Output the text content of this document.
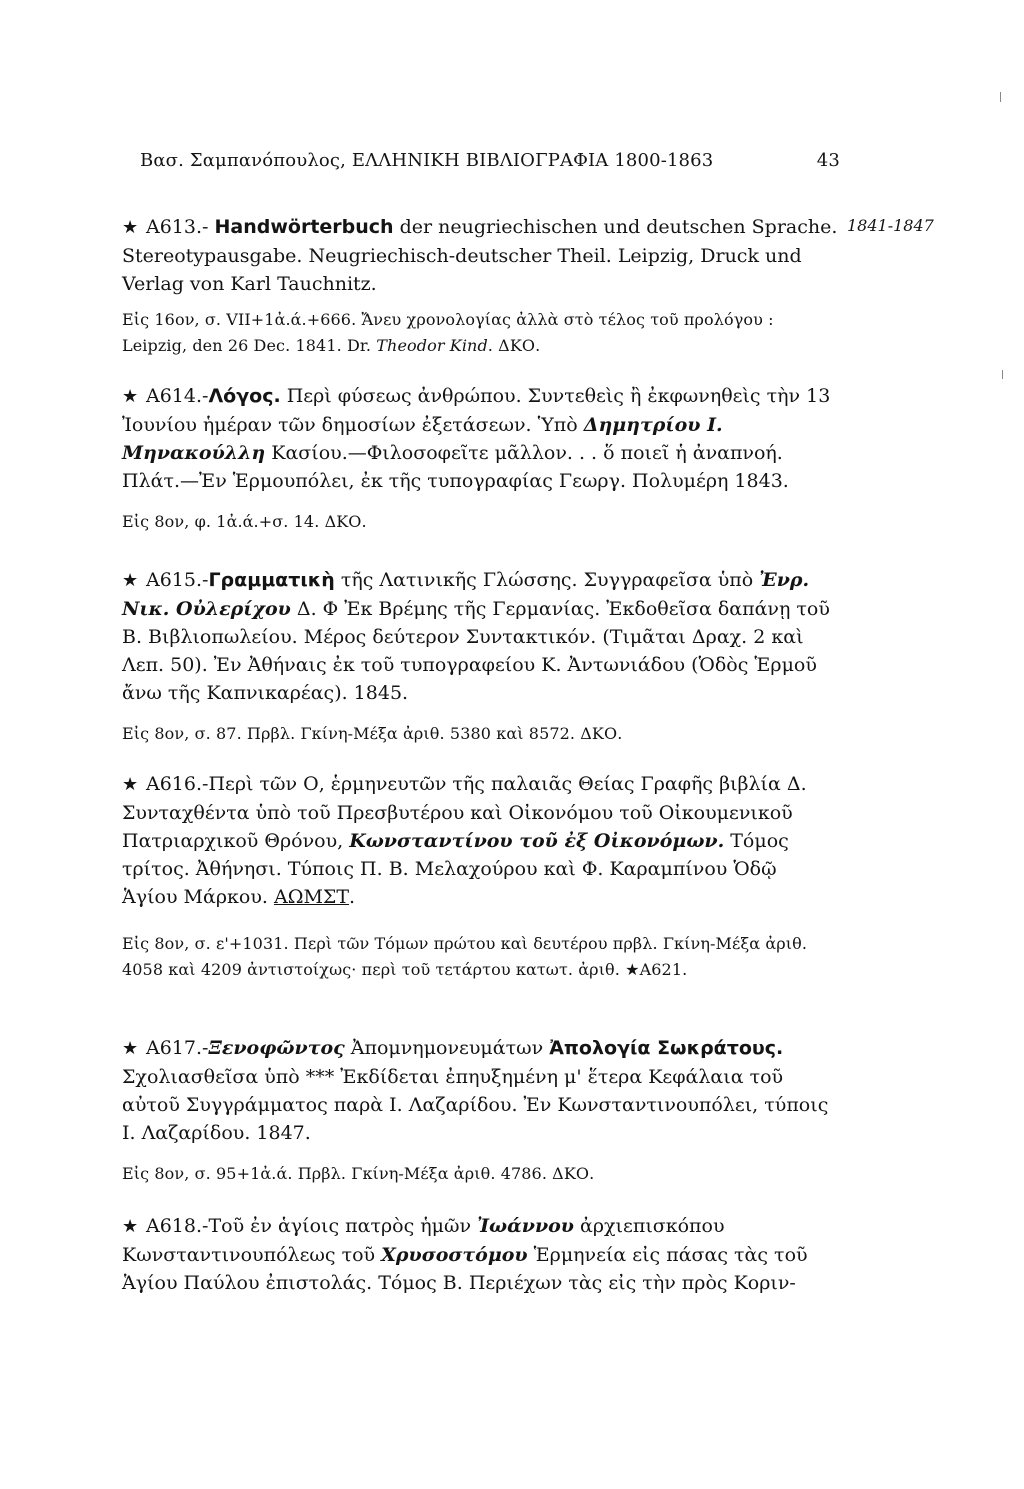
Βασ. Σαμπανόπουλος, ΕΛΛΗΝΙΚΗ ΒΙΒΛΙΟΓΡΑΦΙΑ 1800-1863	43
1841-1847
★ A613.- Handwörterbuch der neugriechischen und deutschen Sprache. Stereotypausgabe. Neugriechisch-deutscher Theil. Leipzig, Druck und Verlag von Karl Tauchnitz.
Εἰς 16ον, σ. VII+1ἀ.ά.+666. Ἄνευ χρονολογίας ἀλλὰ στὸ τέλος τοῦ προλόγου : Leipzig, den 26 Dec. 1841. Dr. Theodor Kind. ΔΚΟ.
★ A614.-Λόγος. Περὶ φύσεως ἀνθρώπου. Συντεθεὶς ἢ ἐκφωνηθεὶς τὴν 13 Ἰουνίου ἡμέραν τῶν δημοσίων ἐξετάσεων. Ὑπὸ Δημητρίου Ι. Μηνακούλλη Κασίου.—Φιλοσοφεῖτε μᾶλλον. . . ὅ ποιεῖ ἡ ἀναπνοή. Πλάτ.—Ἐν Ἑρμουπόλει, ἐκ τῆς τυπογραφίας Γεωργ. Πολυμέρη 1843.
Εἰς 8ον, φ. 1ἀ.ά.+σ. 14. ΔΚΟ.
★ A615.-Γραμματικὴ τῆς Λατινικῆς Γλώσσης. Συγγραφεῖσα ὑπὸ Ἐνρ. Νικ. Οὐλερίχου Δ. Φ Ἐκ Βρέμης τῆς Γερμανίας. Ἐκδοθεῖσα δαπάνῃ τοῦ Β. Βιβλιοπωλείου. Μέρος δεύτερον Συντακτικόν. (Τιμᾶται Δραχ. 2 καὶ Λεπ. 50). Ἐν Ἀθήναις ἐκ τοῦ τυπογραφείου Κ. Ἀντωνιάδου (Ὁδὸς Ἑρμοῦ ἄνω τῆς Καπνικαρέας). 1845.
Εἰς 8ον, σ. 87. Πρβλ. Γκίνη-Μέξα ἀριθ. 5380 καὶ 8572. ΔΚΟ.
★ A616.-Περὶ τῶν Ο, ἑρμηνευτῶν τῆς παλαιᾶς Θείας Γραφῆς βιβλία Δ. Συνταχθέντα ὑπὸ τοῦ Πρεσβυτέρου καὶ Οἰκονόμου τοῦ Οἰκουμενικοῦ Πατριαρχικοῦ Θρόνου, Κωνσταντίνου τοῦ ἐξ Οἰκονόμων. Τόμος τρίτος. Ἀθήνησι. Τύποις Π. Β. Μελαχούρου καὶ Φ. Καραμπίνου Ὁδῷ Ἁγίου Μάρκου. ΑΩΜΣΤ.
Εἰς 8ον, σ. ε'+1031. Περὶ τῶν Τόμων πρώτου καὶ δευτέρου πρβλ. Γκίνη-Μέξα ἀριθ. 4058 καὶ 4209 ἀντιστοίχως· περὶ τοῦ τετάρτου κατωτ. ἀριθ. ★A621.
★ A617.-Ξενοφῶντος Ἀπομνημονευμάτων Ἀπολογία Σωκράτους. Σχολιασθεῖσα ὑπὸ *** Ἐκδίδεται ἐπηυξημένη μ' ἕτερα Κεφάλαια τοῦ αὐτοῦ Συγγράμματος παρὰ Ι. Λαζαρίδου. Ἐν Κωνσταντινουπόλει, τύποις Ι. Λαζαρίδου. 1847.
Εἰς 8ον, σ. 95+1ἀ.ά. Πρβλ. Γκίνη-Μέξα ἀριθ. 4786. ΔΚΟ.
★ A618.-Τοῦ ἐν ἁγίοις πατρὸς ἡμῶν Ἰωάννου ἀρχιεπισκόπου Κωνσταντινουπόλεως τοῦ Χρυσοστόμου Ἑρμηνεία εἰς πάσας τὰς τοῦ Ἁγίου Παύλου ἐπιστολάς. Τόμος Β. Περιέχων τὰς εἰς τὴν πρὸς Κοριν-
